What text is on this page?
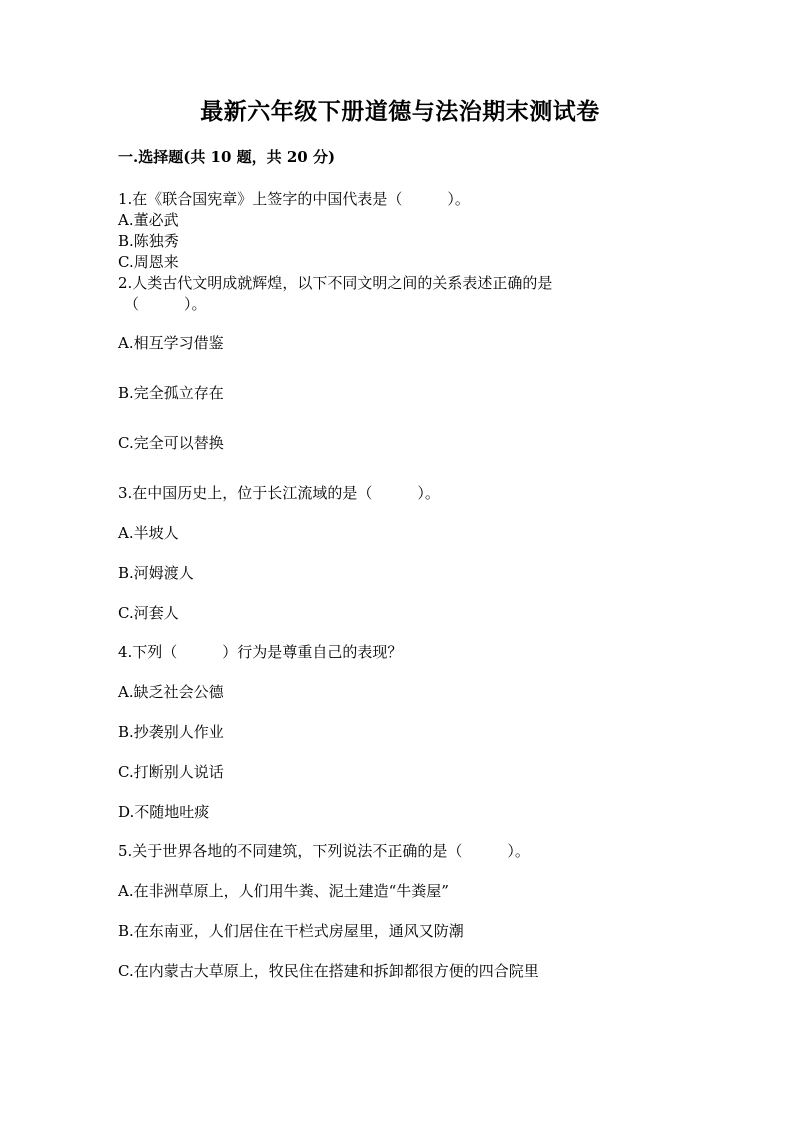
最新六年级下册道德与法治期末测试卷
一.选择题(共 10 题，共 20 分)
1.在《联合国宪章》上签字的中国代表是（　　　）。
A.董必武
B.陈独秀
C.周恩来
2.人类古代文明成就辉煌，以下不同文明之间的关系表述正确的是
（　　　）。
A.相互学习借鉴
B.完全孤立存在
C.完全可以替换
3.在中国历史上，位于长江流域的是（　　　）。
A.半坡人
B.河姆渡人
C.河套人
4.下列（　　　）行为是尊重自己的表现？
A.缺乏社会公德
B.抄袭别人作业
C.打断别人说话
D.不随地吐痰
5.关于世界各地的不同建筑，下列说法不正确的是（　　　）。
A.在非洲草原上，人们用牛粪、泥土建造“牛粪屋”
B.在东南亚，人们居住在干栏式房屋里，通风又防潮
C.在内蒙古大草原上，牧民住在搭建和拆卸都很方便的四合院里
